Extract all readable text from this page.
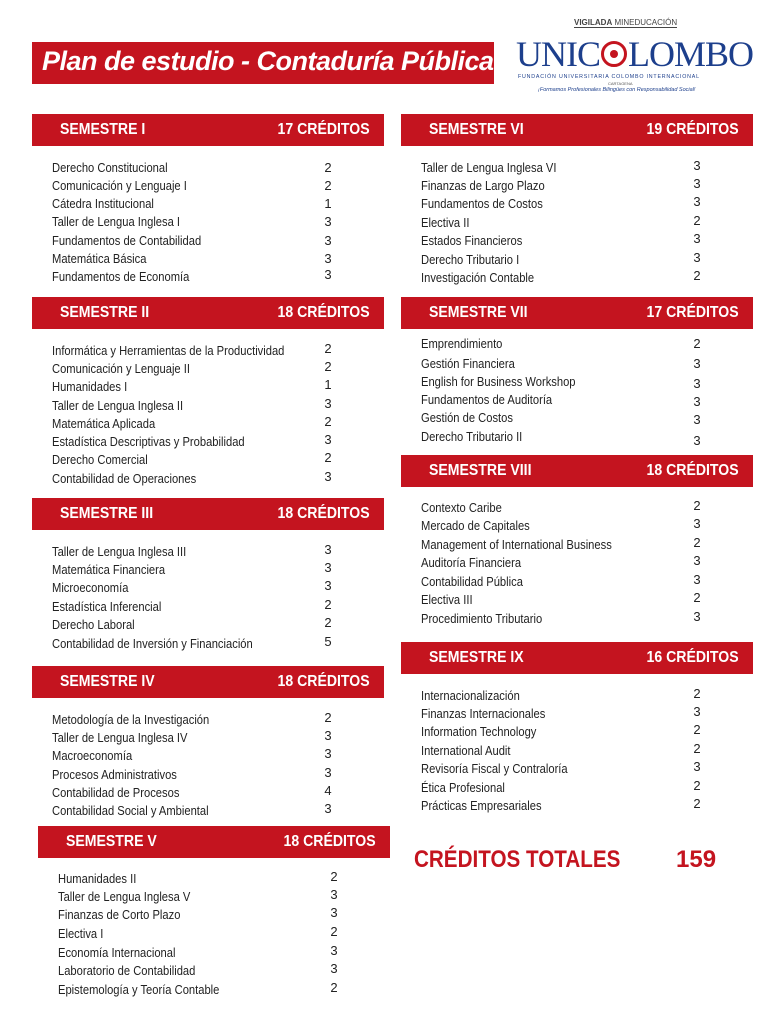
Plan de estudio - Contaduría Pública
VIGILADA MINEDUCACIÓN
UNIC LOMBO
FUNDACIÓN UNIVERSITARIA COLOMBO INTERNACIONAL
CARTAGENA
¡Formamos Profesionales Bilingües con Responsabilidad Social!
SEMESTRE I	17 CRÉDITOS
SEMESTRE II	18 CRÉDITOS
SEMESTRE III	18 CRÉDITOS
SEMESTRE IV	18 CRÉDITOS
SEMESTRE V	18 CRÉDITOS
SEMESTRE VI	19 CRÉDITOS
SEMESTRE VII	17 CRÉDITOS
SEMESTRE VIII	18 CRÉDITOS
SEMESTRE IX	16 CRÉDITOS
CRÉDITOS TOTALES 159
Derecho Constitucional	2
Comunicación y Lenguaje I	2
Cátedra Institucional	1
Taller de Lengua Inglesa I	3
Fundamentos de Contabilidad	3
Matemática Básica	3
Fundamentos de Economía	3
Informática y Herramientas de la Productividad	2
Comunicación y Lenguaje II	2
Humanidades I	1
Taller de Lengua Inglesa II	3
Matemática Aplicada	2
Estadística Descriptivas y Probabilidad	3
Derecho Comercial	2
Contabilidad de Operaciones	3
Taller de Lengua Inglesa III	3
Matemática Financiera	3
Microeconomía	3
Estadística Inferencial	2
Derecho Laboral	2
Contabilidad de Inversión y Financiación	5
Metodología de la Investigación	2
Taller de Lengua Inglesa IV	3
Macroeconomía	3
Procesos Administrativos	3
Contabilidad de Procesos	4
Contabilidad Social y Ambiental	3
Humanidades II	2
Taller de Lengua Inglesa V	3
Finanzas de Corto Plazo	3
Electiva I	2
Economía Internacional	3
Laboratorio de Contabilidad	3
Epistemología y Teoría Contable	2
Taller de Lengua Inglesa VI	3
Finanzas de Largo Plazo	3
Fundamentos de Costos	3
Electiva II	2
Estados Financieros	3
Derecho Tributario I	3
Investigación Contable	2
Emprendimiento	2
Gestión Financiera	3
English for Business Workshop	3
Fundamentos de Auditoría	3
Gestión de Costos	3
Derecho Tributario II	3
Contexto Caribe	2
Mercado de Capitales	3
Management of International Business	2
Auditoría Financiera	3
Contabilidad Pública	3
Electiva III	2
Procedimiento Tributario	3
Internacionalización	2
Finanzas Internacionales	3
Information Technology	2
International Audit	2
Revisoría Fiscal y Contraloría	3
Ética Profesional	2
Prácticas Empresariales	2
